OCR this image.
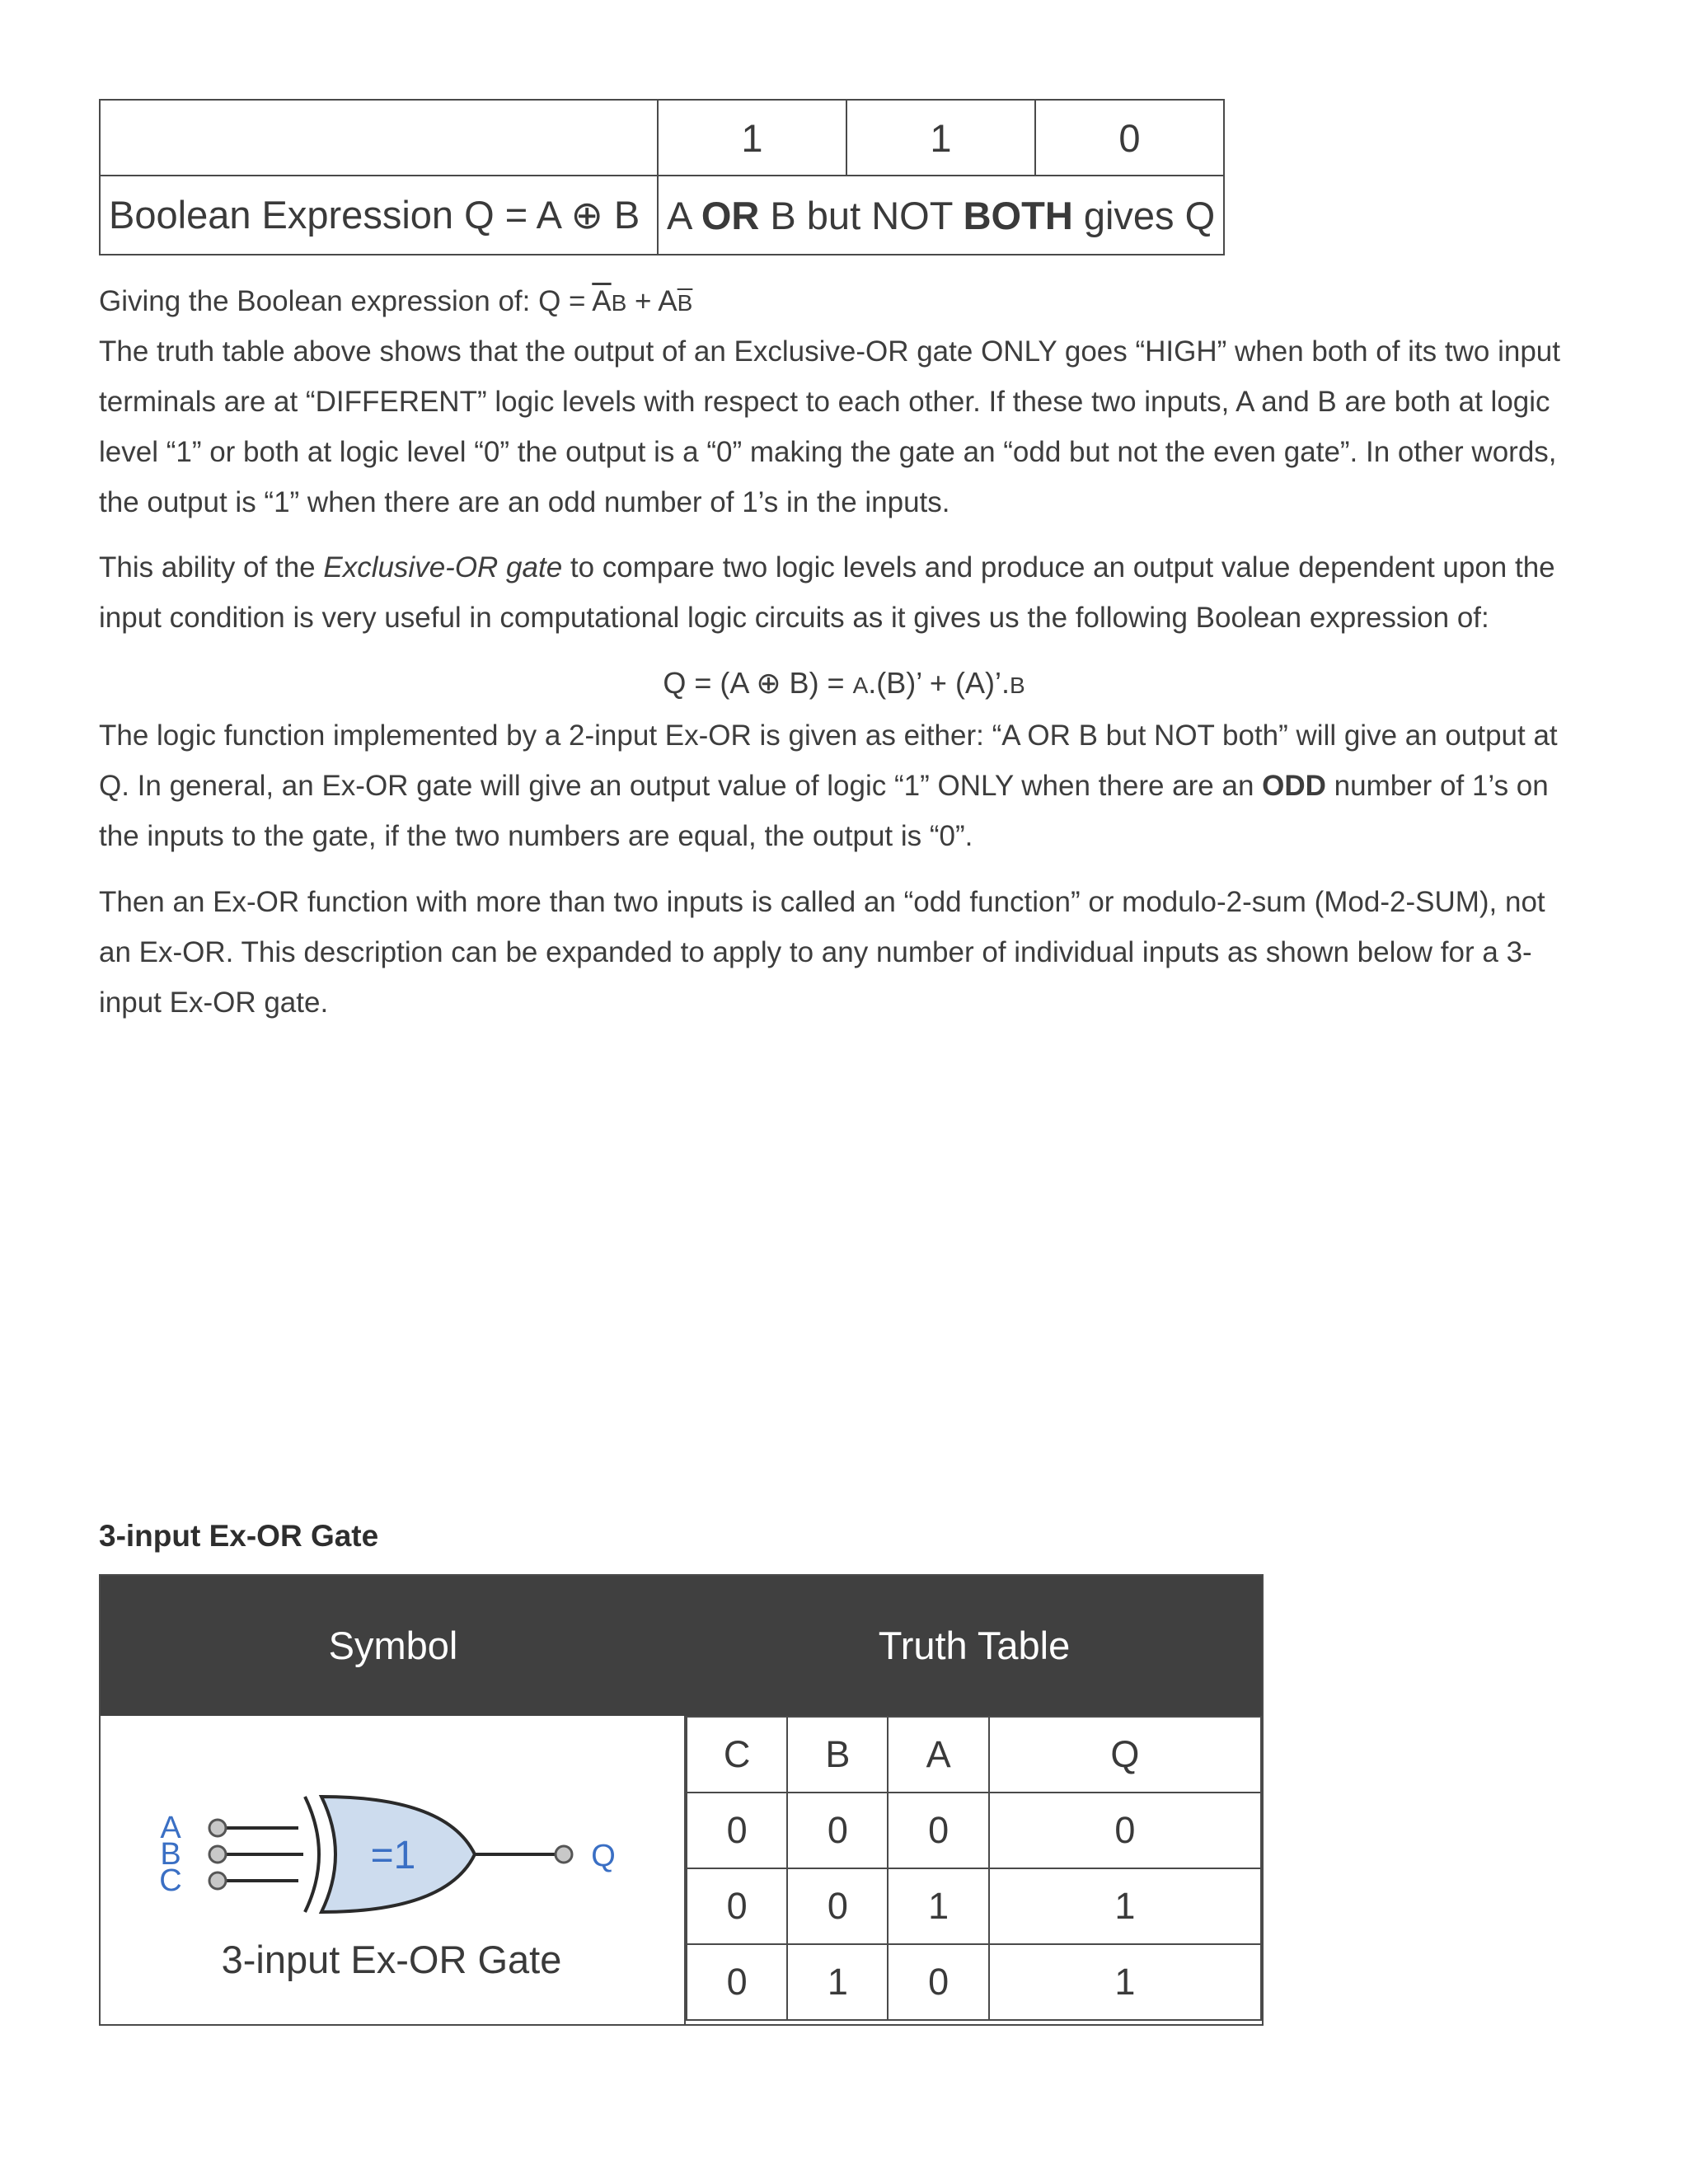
	1	1	0
Boolean Expression Q = A ⊕ B	A OR B but NOT BOTH gives Q		
Giving the Boolean expression of: $Q = \overline{A}B + A\overline{B}$
The truth table above shows that the output of an Exclusive-OR gate ONLY goes “HIGH” when both of its two input terminals are at “DIFFERENT” logic levels with respect to each other. If these two inputs, A and B are both at logic level “1” or both at logic level “0” the output is a “0” making the gate an “odd but not the even gate”. In other words, the output is “1” when there are an odd number of 1’s in the inputs.
This ability of the Exclusive-OR gate to compare two logic levels and produce an output value dependent upon the input condition is very useful in computational logic circuits as it gives us the following Boolean expression of:
Q = (A ⊕ B) = A.(B)’ + (A)’.B
The logic function implemented by a 2-input Ex-OR is given as either: “A OR B but NOT both” will give an output at Q. In general, an Ex-OR gate will give an output value of logic “1” ONLY when there are an ODD number of 1’s on the inputs to the gate, if the two numbers are equal, the output is “0”.
Then an Ex-OR function with more than two inputs is called an “odd function” or modulo-2-sum (Mod-2-SUM), not an Ex-OR. This description can be expanded to apply to any number of individual inputs as shown below for a 3-input Ex-OR gate.
3-input Ex-OR Gate
Symbol	Truth Table
A
B
C
=1	Q
C	B	A	Q
0	0	0	0
0	0	1	1
0	1	0	1
3-input Ex-OR Gate
